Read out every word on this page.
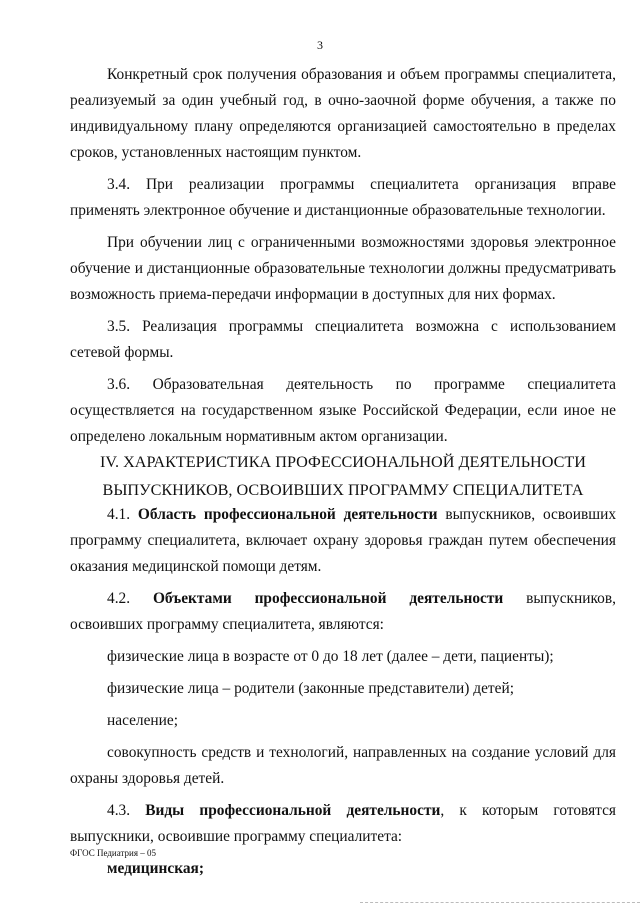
3

Конкретный срок получения образования и объем программы специалитета, реализуемый за один учебный год, в очно-заочной форме обучения, а также по индивидуальному плану определяются организацией самостоятельно в пределах сроков, установленных настоящим пунктом.

3.4. При реализации программы специалитета организация вправе применять электронное обучение и дистанционные образовательные технологии.

При обучении лиц с ограниченными возможностями здоровья электронное обучение и дистанционные образовательные технологии должны предусматривать возможность приема-передачи информации в доступных для них формах.

3.5. Реализация программы специалитета возможна с использованием сетевой формы.

3.6. Образовательная деятельность по программе специалитета осуществляется на государственном языке Российской Федерации, если иное не определено локальным нормативным актом организации.

IV. ХАРАКТЕРИСТИКА ПРОФЕССИОНАЛЬНОЙ ДЕЯТЕЛЬНОСТИ
ВЫПУСКНИКОВ, ОСВОИВШИХ ПРОГРАММУ СПЕЦИАЛИТЕТА

4.1. Область профессиональной деятельности выпускников, освоивших программу специалитета, включает охрану здоровья граждан путем обеспечения оказания медицинской помощи детям.

4.2. Объектами профессиональной деятельности выпускников, освоивших программу специалитета, являются:

физические лица в возрасте от 0 до 18 лет (далее – дети, пациенты);

физические лица – родители (законные представители) детей;

население;

совокупность средств и технологий, направленных на создание условий для охраны здоровья детей.

4.3. Виды профессиональной деятельности, к которым готовятся выпускники, освоившие программу специалитета:

медицинская;

ФГОС Педиатрия – 05
